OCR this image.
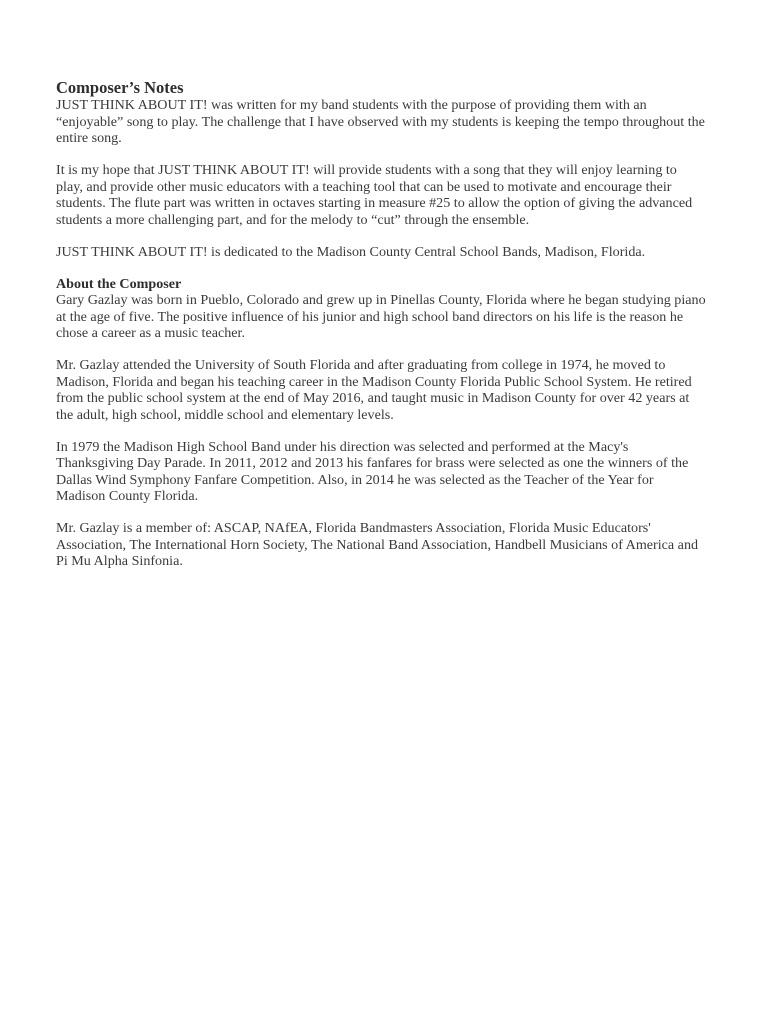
Composer’s Notes

JUST THINK ABOUT IT! was written for my band students with the purpose of providing them with an “enjoyable” song to play. The challenge that I have observed with my students is keeping the tempo throughout the entire song.

It is my hope that JUST THINK ABOUT IT! will provide students with a song that they will enjoy learning to play, and provide other music educators with a teaching tool that can be used to motivate and encourage their students. The flute part was written in octaves starting in measure #25 to allow the option of giving the advanced students a more challenging part, and for the melody to “cut” through the ensemble.

JUST THINK ABOUT IT! is dedicated to the Madison County Central School Bands, Madison, Florida.

About the Composer

Gary Gazlay was born in Pueblo, Colorado and grew up in Pinellas County, Florida where he began studying piano at the age of five. The positive influence of his junior and high school band directors on his life is the reason he chose a career as a music teacher.

Mr. Gazlay attended the University of South Florida and after graduating from college in 1974, he moved to Madison, Florida and began his teaching career in the Madison County Florida Public School System. He retired from the public school system at the end of May 2016, and taught music in Madison County for over 42 years at the adult, high school, middle school and elementary levels.

In 1979 the Madison High School Band under his direction was selected and performed at the Macy's Thanksgiving Day Parade. In 2011, 2012 and 2013 his fanfares for brass were selected as one the winners of the Dallas Wind Symphony Fanfare Competition. Also, in 2014 he was selected as the Teacher of the Year for Madison County Florida.

Mr. Gazlay is a member of: ASCAP, NAfEA, Florida Bandmasters Association, Florida Music Educators' Association, The International Horn Society, The National Band Association, Handbell Musicians of America and Pi Mu Alpha Sinfonia.
